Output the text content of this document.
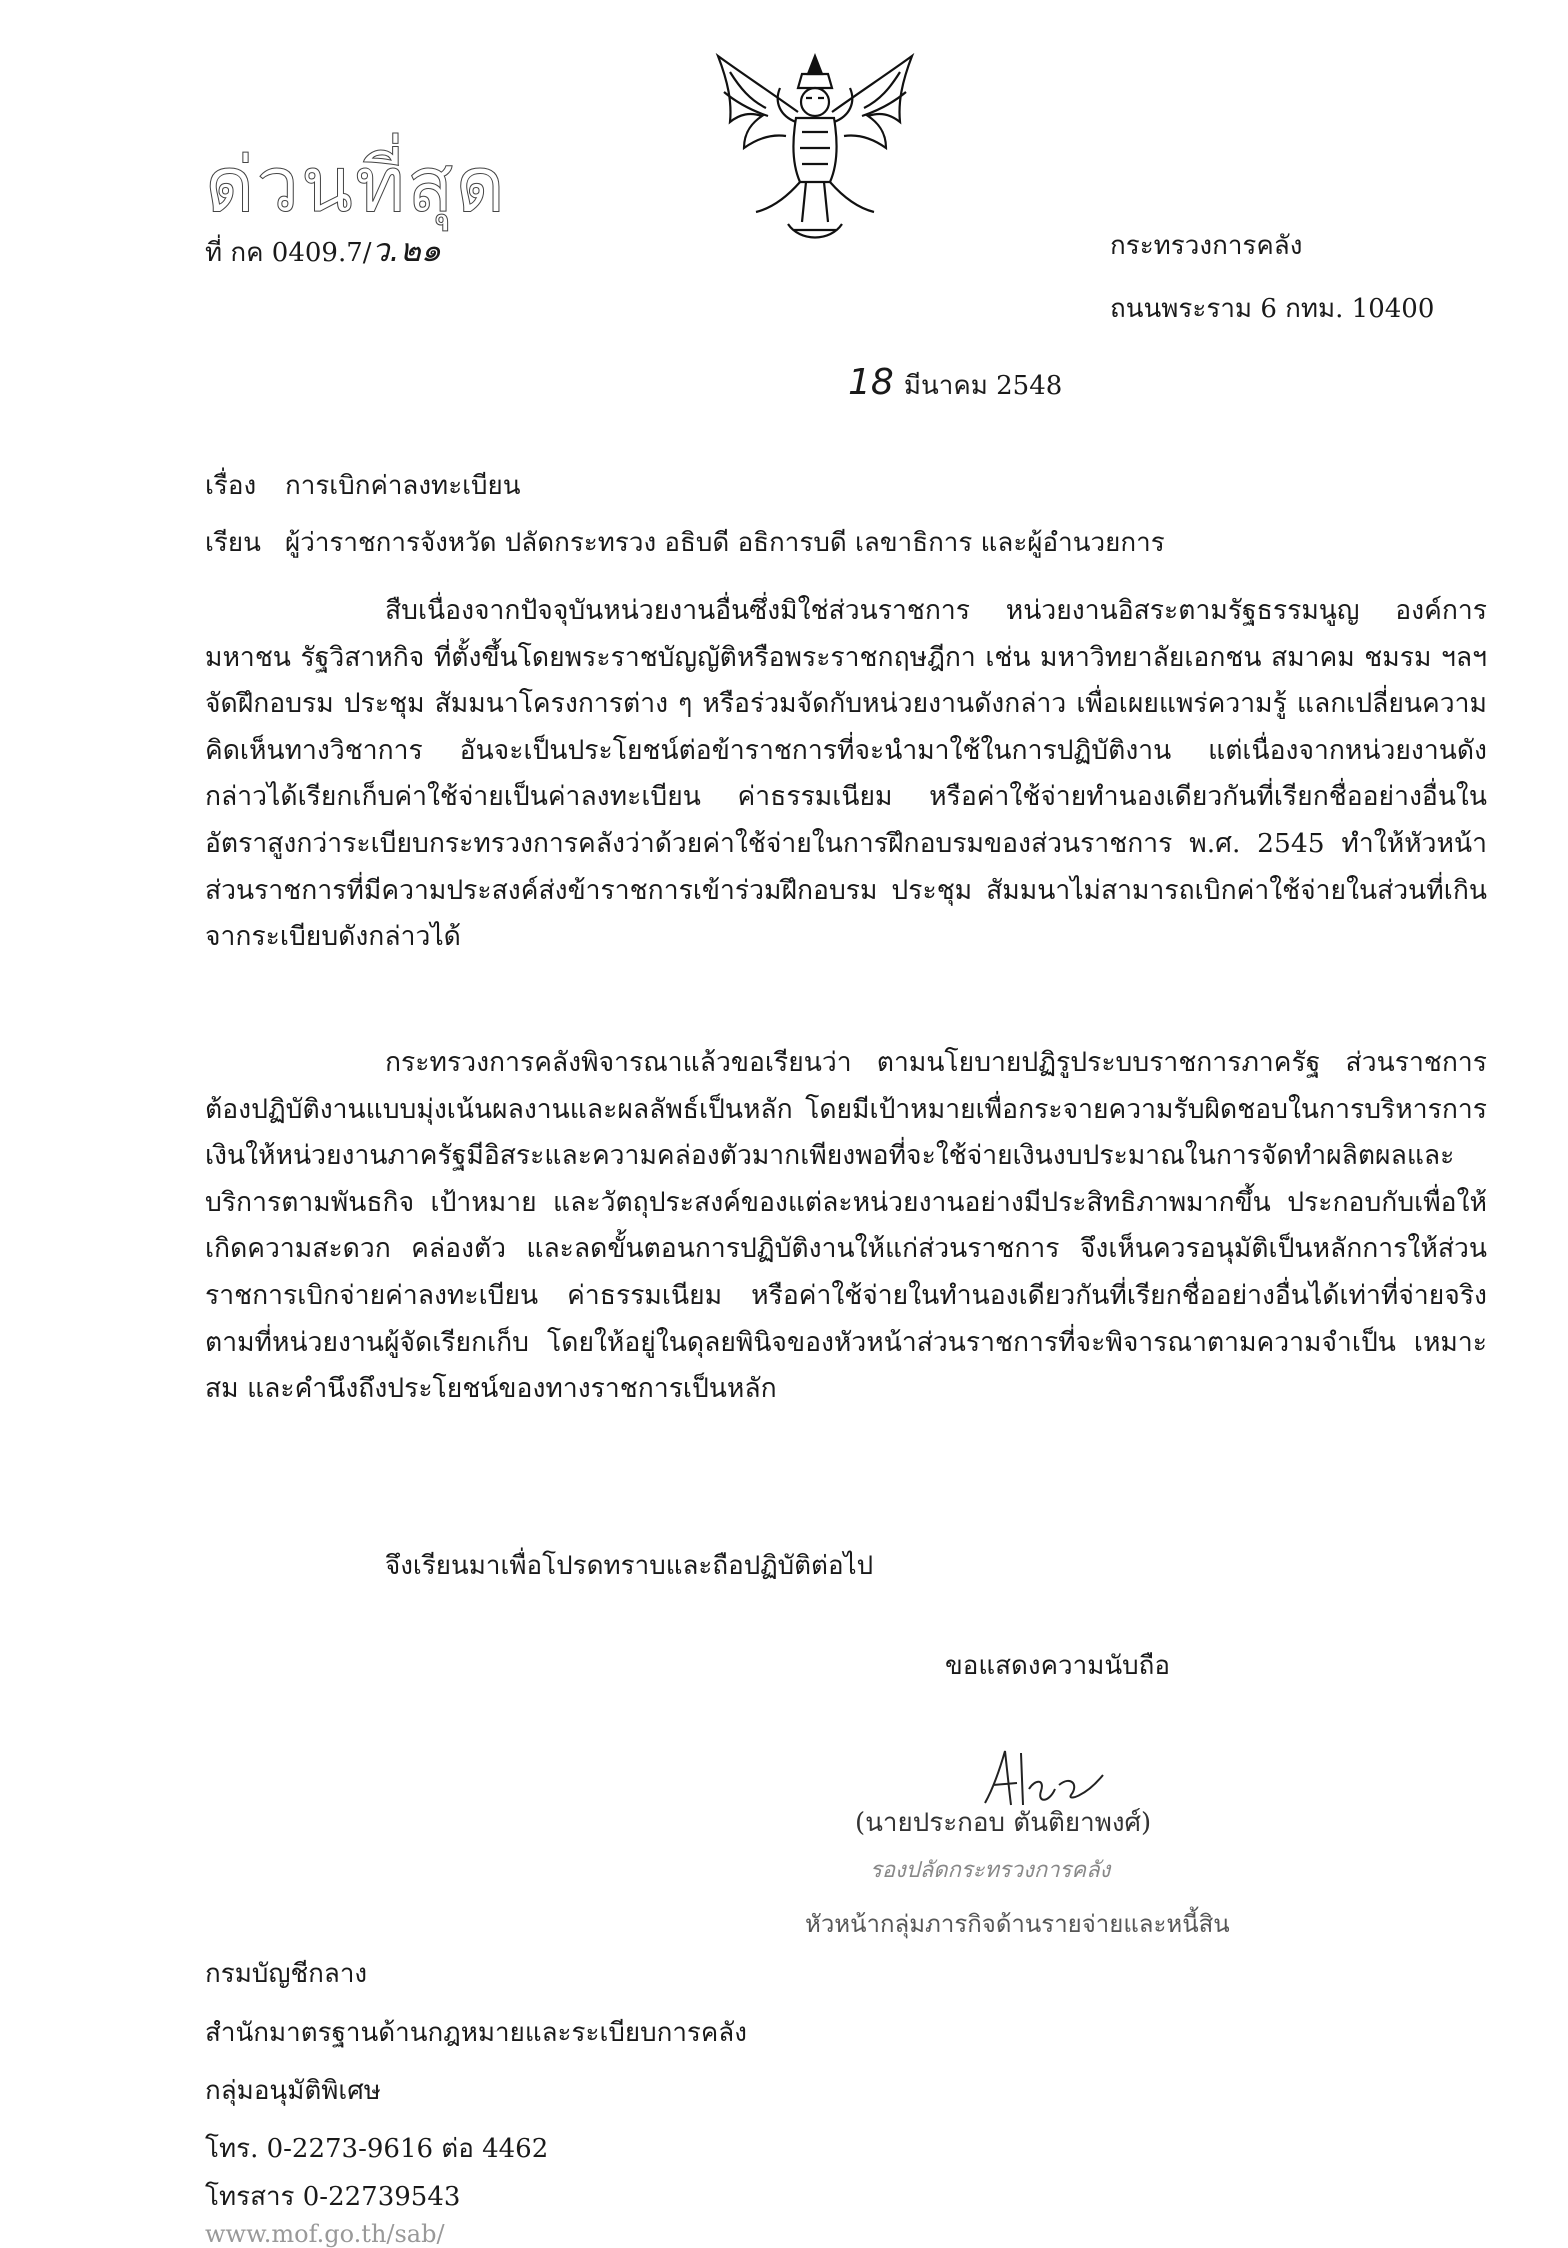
ด่วนที่สุด
ที่ กค 0409.7/ว.๒๑	กระทรวงการคลัง
ถนนพระราม 6 กทม. 10400
18 มีนาคม 2548
เรื่อง การเบิกค่าลงทะเบียน
เรียน ผู้ว่าราชการจังหวัด ปลัดกระทรวง อธิบดี อธิการบดี เลขาธิการ และผู้อำนวยการ

สืบเนื่องจากปัจจุบันหน่วยงานอื่นซึ่งมิใช่ส่วนราชการ หน่วยงานอิสระตามรัฐธรรมนูญ องค์การมหาชน รัฐวิสาหกิจ ที่ตั้งขึ้นโดยพระราชบัญญัติหรือพระราชกฤษฎีกา เช่น มหาวิทยาลัยเอกชน สมาคม ชมรม ฯลฯ จัดฝึกอบรม ประชุม สัมมนาโครงการต่าง ๆ หรือร่วมจัดกับหน่วยงานดังกล่าว เพื่อเผยแพร่ความรู้ แลกเปลี่ยนความคิดเห็นทางวิชาการ อันจะเป็นประโยชน์ต่อข้าราชการที่จะนำมาใช้ในการปฏิบัติงาน แต่เนื่องจากหน่วยงานดังกล่าวได้เรียกเก็บค่าใช้จ่ายเป็นค่าลงทะเบียน ค่าธรรมเนียม หรือค่าใช้จ่ายทำนองเดียวกันที่เรียกชื่ออย่างอื่นในอัตราสูงกว่าระเบียบกระทรวงการคลังว่าด้วยค่าใช้จ่ายในการฝึกอบรมของส่วนราชการ พ.ศ. 2545 ทำให้หัวหน้าส่วนราชการที่มีความประสงค์ส่งข้าราชการเข้าร่วมฝึกอบรม ประชุม สัมมนาไม่สามารถเบิกค่าใช้จ่ายในส่วนที่เกินจากระเบียบดังกล่าวได้

กระทรวงการคลังพิจารณาแล้วขอเรียนว่า ตามนโยบายปฏิรูประบบราชการภาครัฐ ส่วนราชการต้องปฏิบัติงานแบบมุ่งเน้นผลงานและผลลัพธ์เป็นหลัก โดยมีเป้าหมายเพื่อกระจายความรับผิดชอบในการบริหารการเงินให้หน่วยงานภาครัฐมีอิสระและความคล่องตัวมากเพียงพอที่จะใช้จ่ายเงินงบประมาณในการจัดทำผลิตผลและบริการตามพันธกิจ เป้าหมาย และวัตถุประสงค์ของแต่ละหน่วยงานอย่างมีประสิทธิภาพมากขึ้น ประกอบกับเพื่อให้เกิดความสะดวก คล่องตัว และลดขั้นตอนการปฏิบัติงานให้แก่ส่วนราชการ จึงเห็นควรอนุมัติเป็นหลักการให้ส่วนราชการเบิกจ่ายค่าลงทะเบียน ค่าธรรมเนียม หรือค่าใช้จ่ายในทำนองเดียวกันที่เรียกชื่ออย่างอื่นได้เท่าที่จ่ายจริงตามที่หน่วยงานผู้จัดเรียกเก็บ โดยให้อยู่ในดุลยพินิจของหัวหน้าส่วนราชการที่จะพิจารณาตามความจำเป็น เหมาะสม และคำนึงถึงประโยชน์ของทางราชการเป็นหลัก

จึงเรียนมาเพื่อโปรดทราบและถือปฏิบัติต่อไป
ขอแสดงความนับถือ
(นายประกอบ ตันติยาพงศ์)
รองปลัดกระทรวงการคลัง
หัวหน้ากลุ่มภารกิจด้านรายจ่ายและหนี้สิน
กรมบัญชีกลาง
สำนักมาตรฐานด้านกฎหมายและระเบียบการคลัง
กลุ่มอนุมัติพิเศษ
โทร. 0-2273-9616 ต่อ 4462
โทรสาร 0-22739543
www.mof.go.th/sab/
